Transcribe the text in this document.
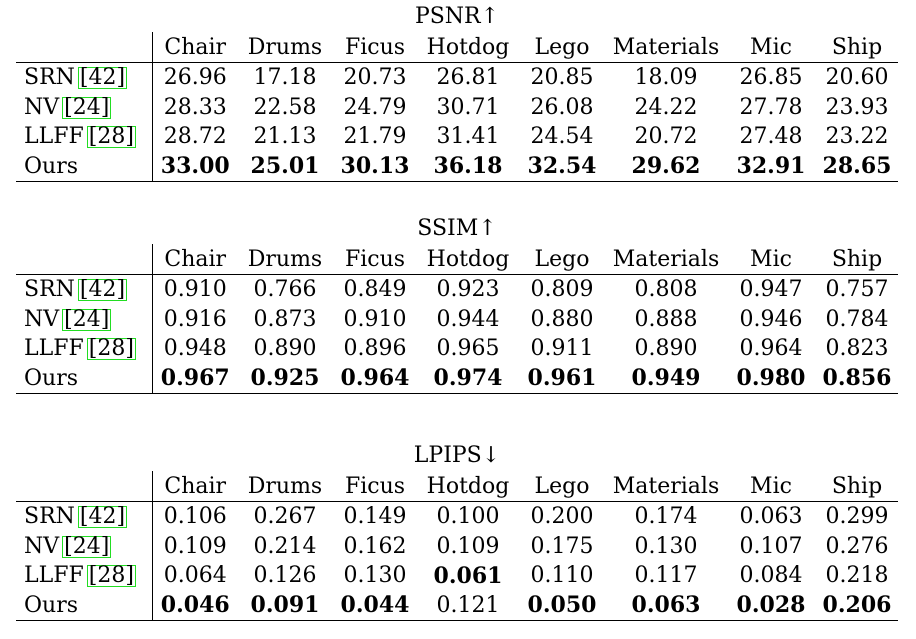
PSNR↑
	Chair	Drums	Ficus	Hotdog	Lego	Materials	Mic	Ship
SRN [42]	26.96	17.18	20.73	26.81	20.85	18.09	26.85	20.60
NV [24]	28.33	22.58	24.79	30.71	26.08	24.22	27.78	23.93
LLFF [28]	28.72	21.13	21.79	31.41	24.54	20.72	27.48	23.22
Ours	33.00	25.01	30.13	36.18	32.54	29.62	32.91	28.65
SSIM↑
	Chair	Drums	Ficus	Hotdog	Lego	Materials	Mic	Ship
SRN [42]	0.910	0.766	0.849	0.923	0.809	0.808	0.947	0.757
NV [24]	0.916	0.873	0.910	0.944	0.880	0.888	0.946	0.784
LLFF [28]	0.948	0.890	0.896	0.965	0.911	0.890	0.964	0.823
Ours	0.967	0.925	0.964	0.974	0.961	0.949	0.980	0.856
LPIPS↓
	Chair	Drums	Ficus	Hotdog	Lego	Materials	Mic	Ship
SRN [42]	0.106	0.267	0.149	0.100	0.200	0.174	0.063	0.299
NV [24]	0.109	0.214	0.162	0.109	0.175	0.130	0.107	0.276
LLFF [28]	0.064	0.126	0.130	0.061	0.110	0.117	0.084	0.218
Ours	0.046	0.091	0.044	0.121	0.050	0.063	0.028	0.206
